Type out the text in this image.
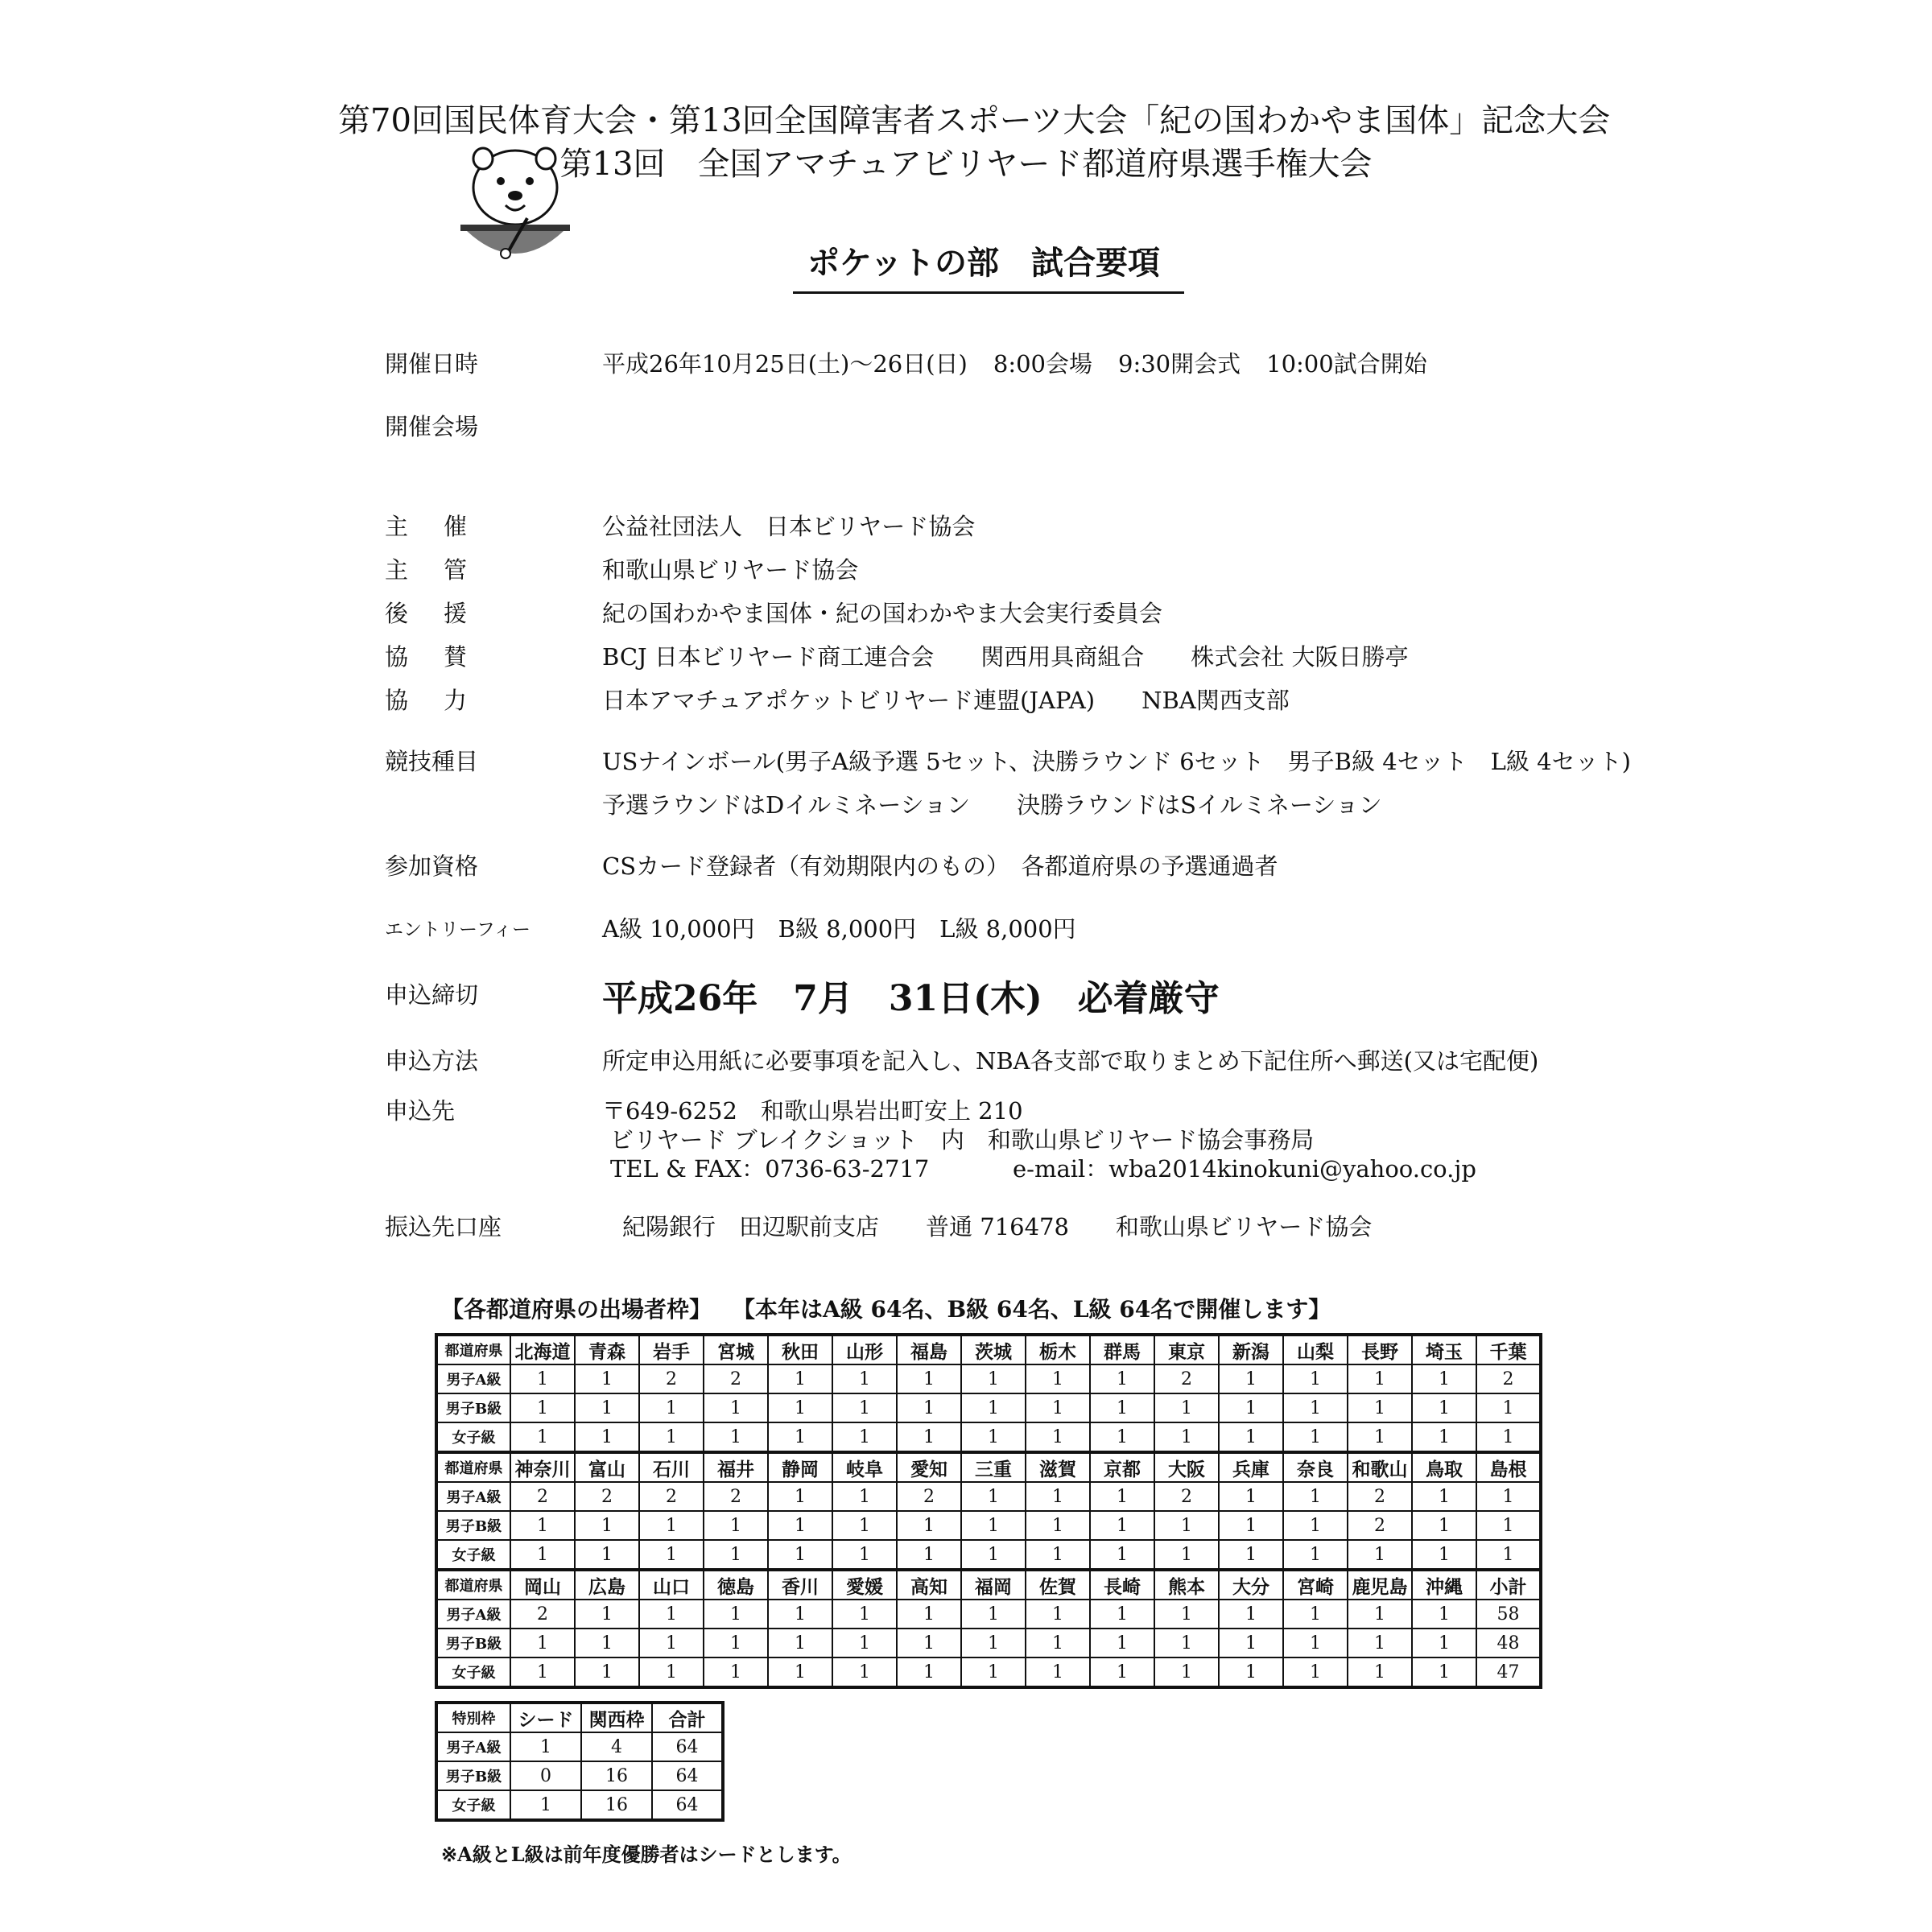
第70回国民体育大会・第13回全国障害者スポーツ大会「紀の国わかやま国体」記念大会
第13回　全国アマチュアビリヤード都道府県選手権大会
ポケットの部　試合要項
開催日時	平成26年10月25日(土)〜26日(日) 8:00会場 9:30開会式 10:00試合開始
開催会場
主催	公益社団法人　日本ビリヤード協会
主管	和歌山県ビリヤード協会
後援	紀の国わかやま国体・紀の国わかやま大会実行委員会
協賛	BCJ 日本ビリヤード商工連合会　　関西用具商組合　　株式会社 大阪日勝亭
協力	日本アマチュアポケットビリヤード連盟(JAPA)　　NBA関西支部
競技種目	USナインボール(男子A級予選 5セット、決勝ラウンド 6セット　男子B級 4セット　L級 4セット)
予選ラウンドはDイルミネーション　　決勝ラウンドはSイルミネーション
参加資格	CSカード登録者（有効期限内のもの）　各都道府県の予選通過者
エントリーフィー	A級 10,000円　B級 8,000円　L級 8,000円
申込締切	平成26年　7月　31日(木)　必着厳守
申込方法	所定申込用紙に必要事項を記入し、NBA各支部で取りまとめ下記住所へ郵送(又は宅配便)
申込先	〒649-6252　和歌山県岩出町安上 210
ビリヤード ブレイクショット　内　和歌山県ビリヤード協会事務局
TEL & FAX：0736-63-2717	e-mail：wba2014kinokuni@yahoo.co.jp
振込先口座	紀陽銀行　田辺駅前支店　　普通 716478　　和歌山県ビリヤード協会
【各都道府県の出場者枠】 【本年はA級 64名、B級 64名、L級 64名で開催します】
都道府県	北海道	青森	岩手	宮城	秋田	山形	福島	茨城	栃木	群馬	東京	新潟	山梨	長野	埼玉	千葉
男子A級	1	1	2	2	1	1	1	1	1	1	2	1	1	1	1	2
男子B級	1	1	1	1	1	1	1	1	1	1	1	1	1	1	1	1
女子級	1	1	1	1	1	1	1	1	1	1	1	1	1	1	1	1
都道府県	神奈川	富山	石川	福井	静岡	岐阜	愛知	三重	滋賀	京都	大阪	兵庫	奈良	和歌山	鳥取	島根
男子A級	2	2	2	2	1	1	2	1	1	1	2	1	1	2	1	1
男子B級	1	1	1	1	1	1	1	1	1	1	1	1	1	2	1	1
女子級	1	1	1	1	1	1	1	1	1	1	1	1	1	1	1	1
都道府県	岡山	広島	山口	徳島	香川	愛媛	高知	福岡	佐賀	長崎	熊本	大分	宮崎	鹿児島	沖縄	小計
男子A級	2	1	1	1	1	1	1	1	1	1	1	1	1	1	1	58
男子B級	1	1	1	1	1	1	1	1	1	1	1	1	1	1	1	48
女子級	1	1	1	1	1	1	1	1	1	1	1	1	1	1	1	47
特別枠	シード	関西枠	合計
男子A級	1	4	64
男子B級	0	16	64
女子級	1	16	64
※A級とL級は前年度優勝者はシードとします。
